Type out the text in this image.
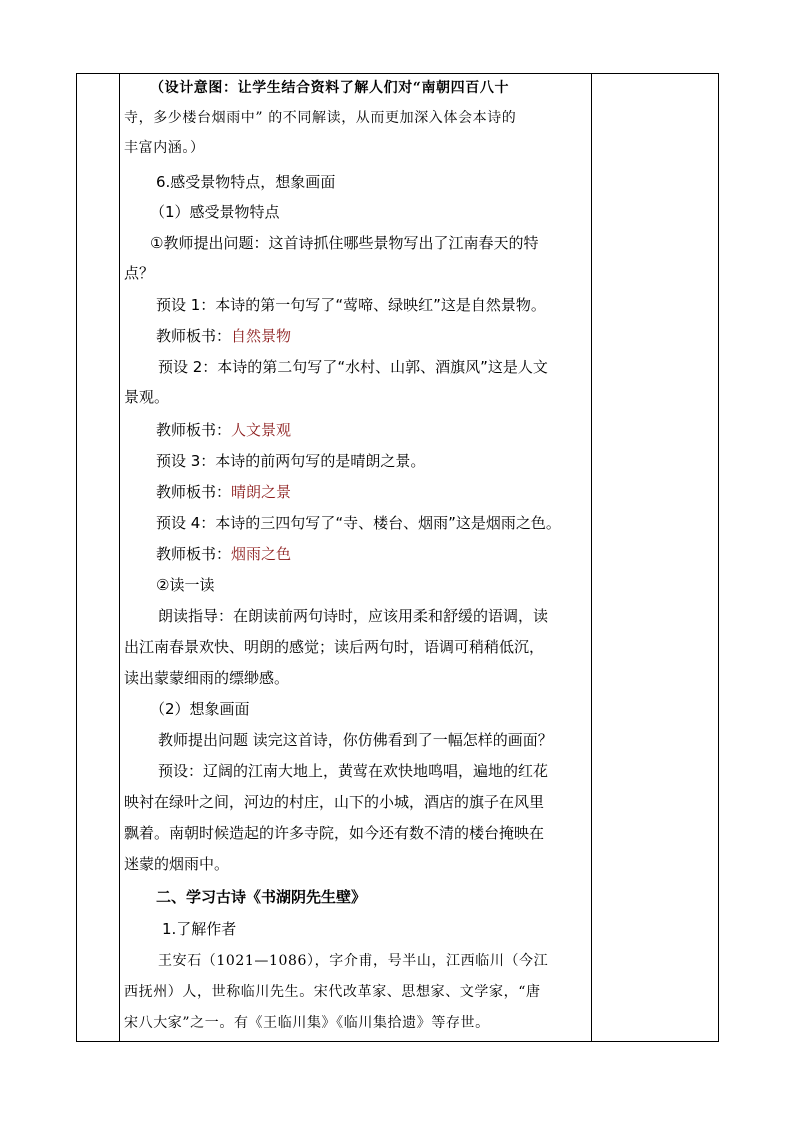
（设计意图：让学生结合资料了解人们对“南朝四百八十
寺，多少楼台烟雨中” 的不同解读，从而更加深入体会本诗的
丰富内涵。）
6.感受景物特点，想象画面
（1）感受景物特点
①教师提出问题：这首诗抓住哪些景物写出了江南春天的特
点？
预设 1：本诗的第一句写了“莺啼、绿映红”这是自然景物。
教师板书：自然景物
预设 2：本诗的第二句写了“水村、山郭、酒旗风”这是人文
景观。
教师板书：人文景观
预设 3：本诗的前两句写的是晴朗之景。
教师板书：晴朗之景
预设 4：本诗的三四句写了“寺、楼台、烟雨”这是烟雨之色。
教师板书：烟雨之色
②读一读
朗读指导：在朗读前两句诗时，应该用柔和舒缓的语调，读
出江南春景欢快、明朗的感觉；读后两句时，语调可稍稍低沉，
读出蒙蒙细雨的缥缈感。
（2）想象画面
教师提出问题 读完这首诗，你仿佛看到了一幅怎样的画面？
预设：辽阔的江南大地上，黄莺在欢快地鸣唱，遍地的红花
映衬在绿叶之间，河边的村庄，山下的小城，酒店的旗子在风里
飘着。南朝时候造起的许多寺院，如今还有数不清的楼台掩映在
迷蒙的烟雨中。
二、学习古诗《书湖阴先生壁》
1.了解作者
王安石（1021—1086），字介甫，号半山，江西临川（今江
西抚州）人，世称临川先生。宋代改革家、思想家、文学家，“唐
宋八大家”之一。有《王临川集》《临川集拾遗》等存世。
